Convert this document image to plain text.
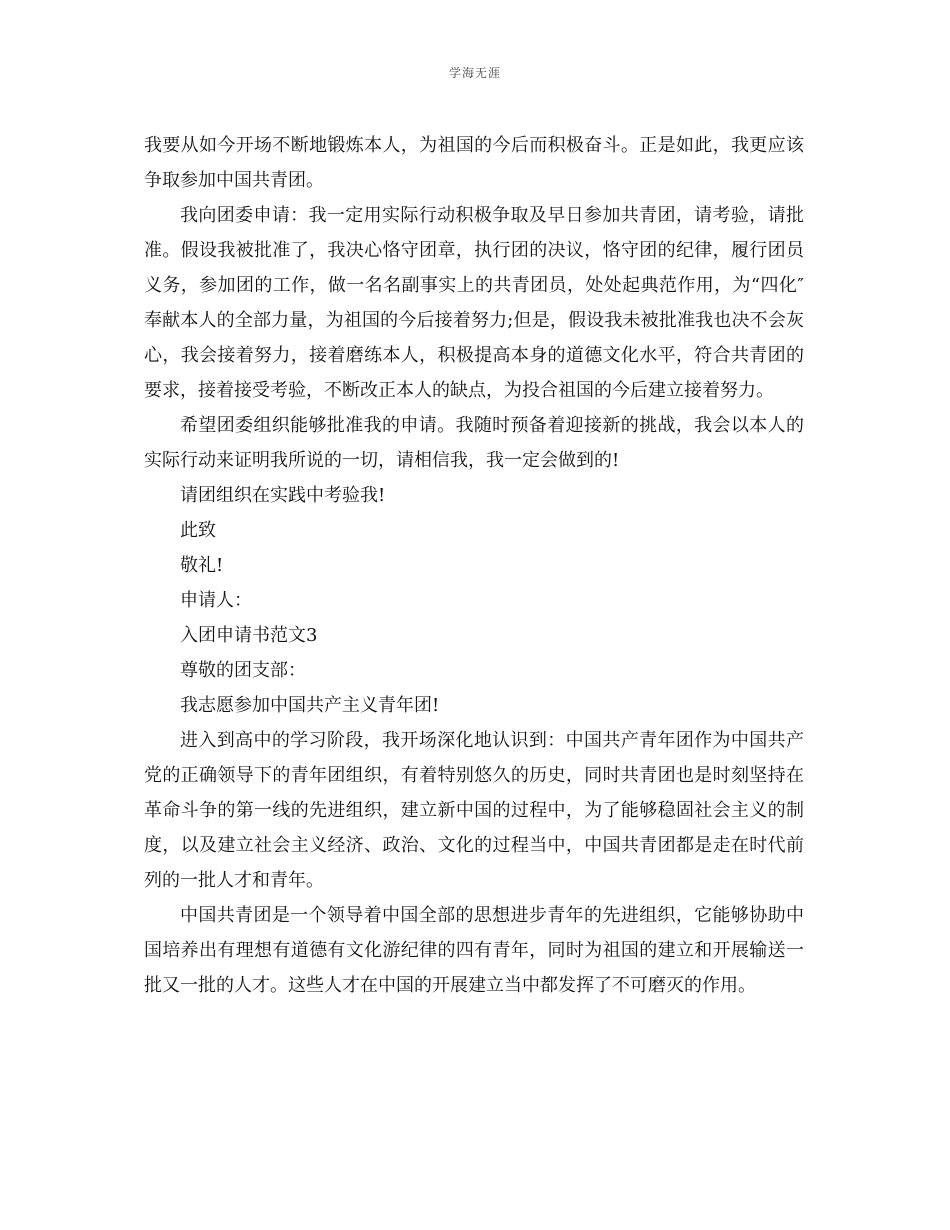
学海无涯

我要从如今开场不断地锻炼本人，为祖国的今后而积极奋斗。正是如此，我更应该争取参加中国共青团。

我向团委申请：我一定用实际行动积极争取及早日参加共青团，请考验，请批准。假设我被批准了，我决心恪守团章，执行团的决议，恪守团的纪律，履行团员义务，参加团的工作，做一名名副事实上的共青团员，处处起典范作用，为“四化″奉献本人的全部力量，为祖国的今后接着努力;但是，假设我未被批准我也决不会灰心，我会接着努力，接着磨练本人，积极提高本身的道德文化水平，符合共青团的要求，接着接受考验，不断改正本人的缺点，为投合祖国的今后建立接着努力。

希望团委组织能够批准我的申请。我随时预备着迎接新的挑战，我会以本人的实际行动来证明我所说的一切，请相信我，我一定会做到的!

请团组织在实践中考验我!

此致

敬礼!

申请人：

入团申请书范文3

尊敬的团支部：

我志愿参加中国共产主义青年团!

进入到高中的学习阶段，我开场深化地认识到：中国共产青年团作为中国共产党的正确领导下的青年团组织，有着特别悠久的历史，同时共青团也是时刻坚持在革命斗争的第一线的先进组织，建立新中国的过程中，为了能够稳固社会主义的制度，以及建立社会主义经济、政治、文化的过程当中，中国共青团都是走在时代前列的一批人才和青年。

中国共青团是一个领导着中国全部的思想进步青年的先进组织，它能够协助中国培养出有理想有道德有文化游纪律的四有青年，同时为祖国的建立和开展输送一批又一批的人才。这些人才在中国的开展建立当中都发挥了不可磨灭的作用。
